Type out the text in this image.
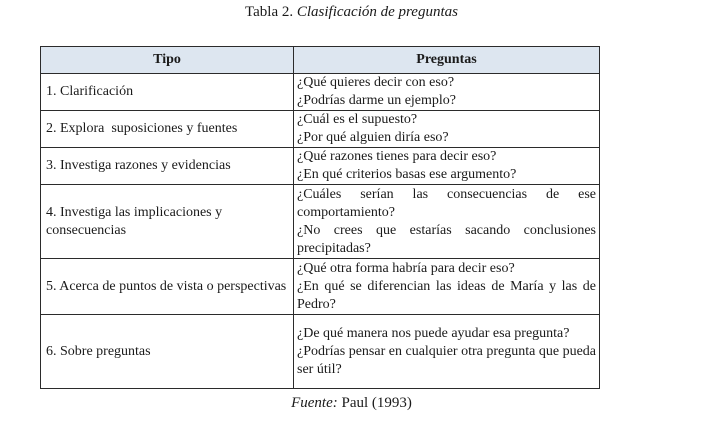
Tabla 2. Clasificación de preguntas
Tipo	Preguntas
1. Clarificación	¿Qué quieres decir con eso?
¿Podrías darme un ejemplo?

2. Explora  suposiciones y fuentes	¿Cuál es el supuesto?
¿Por qué alguien diría eso?

3. Investiga razones y evidencias	¿Qué razones tienes para decir eso?
¿En qué criterios basas ese argumento?

4. Investiga las implicaciones y consecuencias	¿Cuáles serían las consecuencias de ese comportamiento?
¿No crees que estarías sacando conclusiones precipitadas?

5. Acerca de puntos de vista o perspectivas	¿Qué otra forma habría para decir eso?
¿En qué se diferencian las ideas de María y las de Pedro?

6. Sobre preguntas	¿De qué manera nos puede ayudar esa pregunta?
¿Podrías pensar en cualquier otra pregunta que pueda ser útil?
Fuente: Paul (1993)
